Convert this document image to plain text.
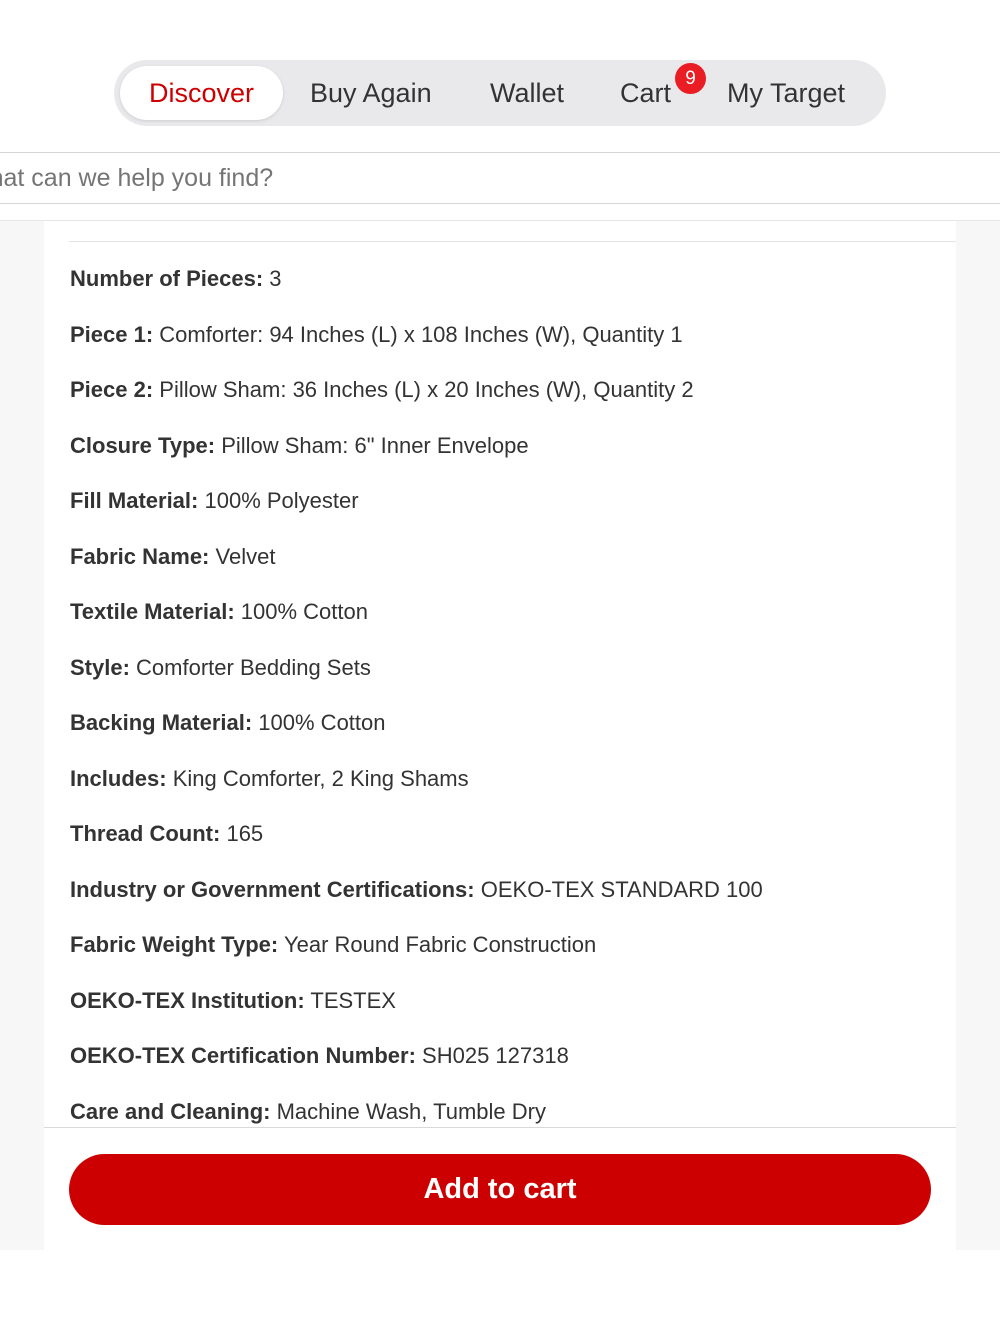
Discover	Buy Again Wallet Cart 9	My Target
What can we help you find?
Number of Pieces: 3
Piece 1: Comforter: 94 Inches (L) x 108 Inches (W), Quantity 1
Piece 2: Pillow Sham: 36 Inches (L) x 20 Inches (W), Quantity 2
Closure Type: Pillow Sham: 6" Inner Envelope
Fill Material: 100% Polyester
Fabric Name: Velvet
Textile Material: 100% Cotton
Style: Comforter Bedding Sets
Backing Material: 100% Cotton
Includes: King Comforter, 2 King Shams
Thread Count: 165
Industry or Government Certifications: OEKO-TEX STANDARD 100
Fabric Weight Type: Year Round Fabric Construction
OEKO-TEX Institution: TESTEX
OEKO-TEX Certification Number: SH025 127318
Care and Cleaning: Machine Wash, Tumble Dry
Add to cart
